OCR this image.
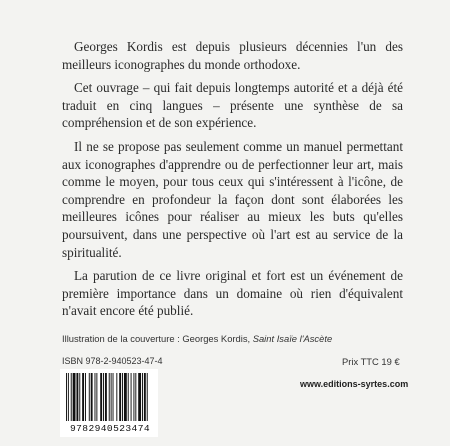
Georges Kordis est depuis plusieurs décennies l'un des meilleurs iconographes du monde orthodoxe.

Cet ouvrage – qui fait depuis longtemps autorité et a déjà été traduit en cinq langues – présente une synthèse de sa compréhension et de son expérience.

Il ne se propose pas seulement comme un manuel permettant aux iconographes d'apprendre ou de perfectionner leur art, mais comme le moyen, pour tous ceux qui s'intéressent à l'icône, de comprendre en profondeur la façon dont sont élaborées les meilleures icônes pour réaliser au mieux les buts qu'elles poursuivent, dans une perspective où l'art est au service de la spiritualité.

La parution de ce livre original et fort est un événement de première importance dans un domaine où rien d'équivalent n'avait encore été publié.

Illustration de la couverture : Georges Kordis, Saint Isaïe l'Ascète
ISBN 978-2-940523-47-4	Prix TTC 19 €
9782940523474
www.editions-syrtes.com
